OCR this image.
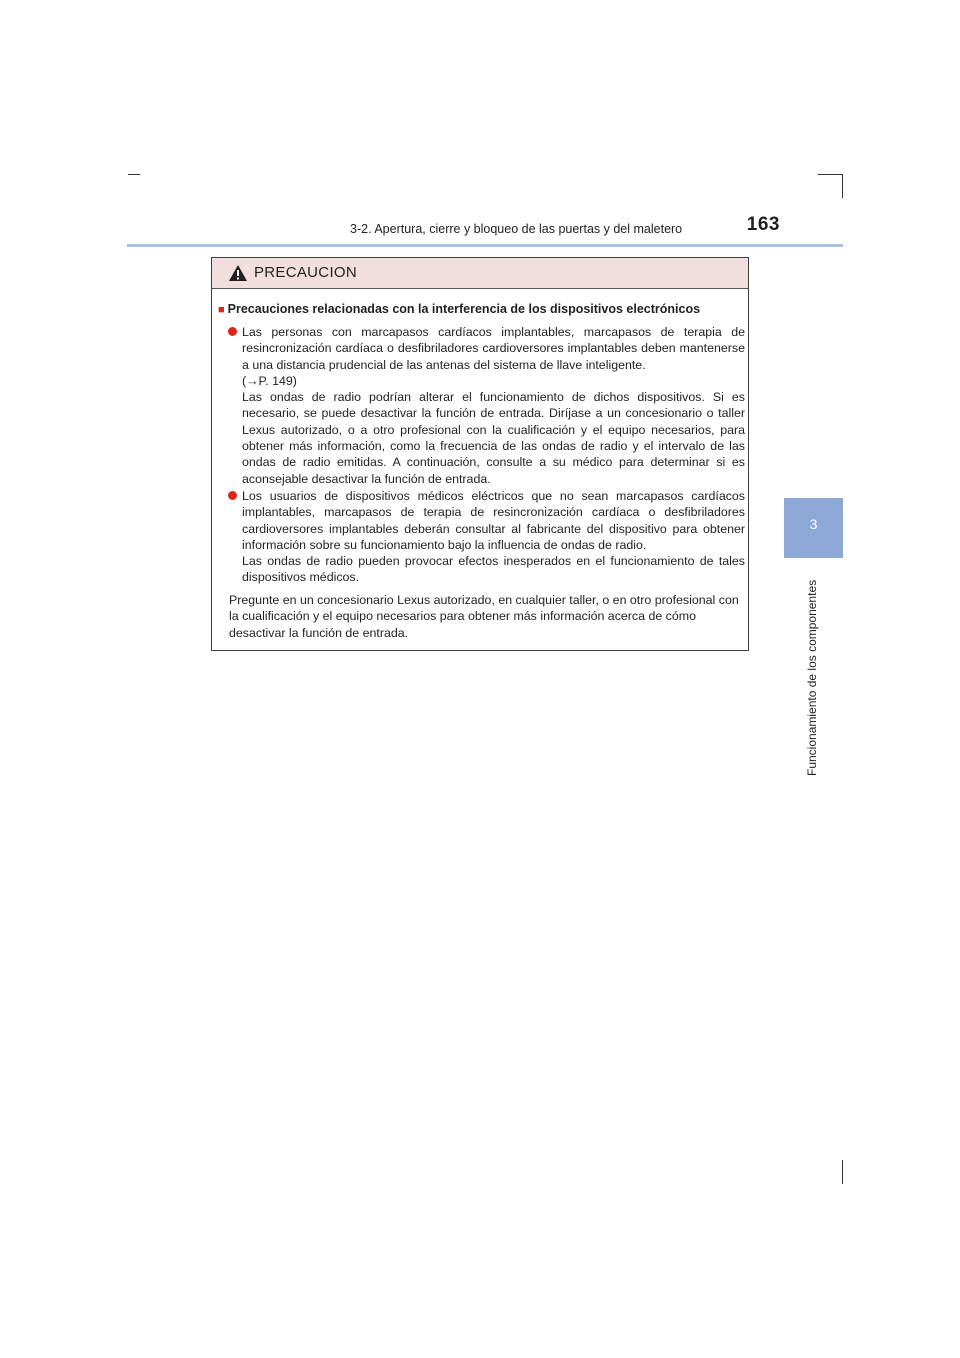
3-2. Apertura, cierre y bloqueo de las puertas y del maletero	163
3
Funcionamiento de los componentes
PRECAUCION
■ Precauciones relacionadas con la interferencia de los dispositivos electrónicos

Las personas con marcapasos cardíacos implantables, marcapasos de terapia de resincronización cardíaca o desfibriladores cardioversores implantables deben mantenerse a una distancia prudencial de las antenas del sistema de llave inteligente.

(→P. 149)

Las ondas de radio podrían alterar el funcionamiento de dichos dispositivos. Si es necesario, se puede desactivar la función de entrada. Diríjase a un concesionario o taller Lexus autorizado, o a otro profesional con la cualificación y el equipo necesarios, para obtener más información, como la frecuencia de las ondas de radio y el intervalo de las ondas de radio emitidas. A continuación, consulte a su médico para determinar si es aconsejable desactivar la función de entrada.

Los usuarios de dispositivos médicos eléctricos que no sean marcapasos cardíacos implantables, marcapasos de terapia de resincronización cardíaca o desfibriladores cardioversores implantables deberán consultar al fabricante del dispositivo para obtener información sobre su funcionamiento bajo la influencia de ondas de radio.

Las ondas de radio pueden provocar efectos inesperados en el funcionamiento de tales dispositivos médicos.

Pregunte en un concesionario Lexus autorizado, en cualquier taller, o en otro profesional con la cualificación y el equipo necesarios para obtener más información acerca de cómo desactivar la función de entrada.
